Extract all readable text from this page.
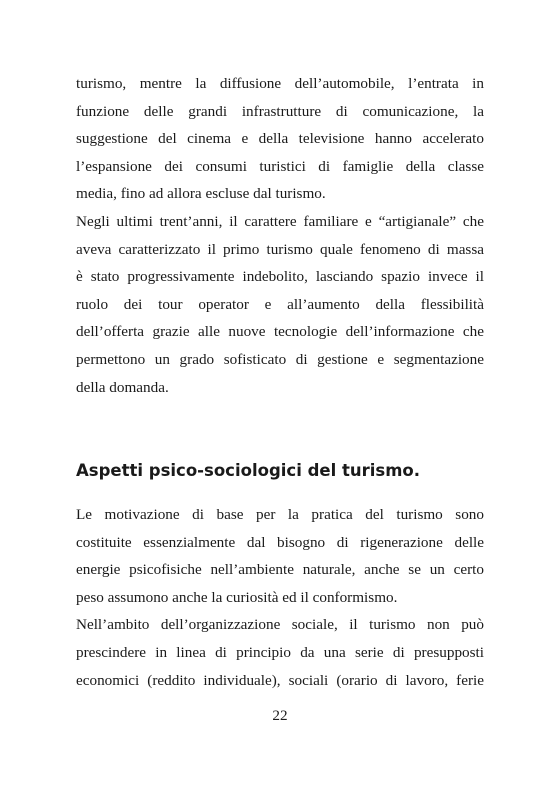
turismo, mentre la diffusione dell’automobile, l’entrata in
funzione delle grandi infrastrutture di comunicazione, la
suggestione del cinema e della televisione hanno accelerato
l’espansione dei consumi turistici di famiglie della classe
media, fino ad allora escluse dal turismo.
Negli ultimi trent’anni, il carattere familiare e “artigianale” che
aveva caratterizzato il primo turismo quale fenomeno di massa
è stato progressivamente indebolito, lasciando spazio invece il
ruolo dei tour operator e all’aumento della flessibilità
dell’offerta grazie alle nuove tecnologie dell’informazione che
permettono un grado sofisticato di gestione e segmentazione
della domanda.
Aspetti psico-sociologici del turismo.
Le motivazione di base per la pratica del turismo sono
costituite essenzialmente dal bisogno di rigenerazione delle
energie psicofisiche nell’ambiente naturale, anche se un certo
peso assumono anche la curiosità ed il conformismo.
Nell’ambito dell’organizzazione sociale, il turismo non può
prescindere in linea di principio da una serie di presupposti
economici (reddito individuale), sociali (orario di lavoro, ferie
22
